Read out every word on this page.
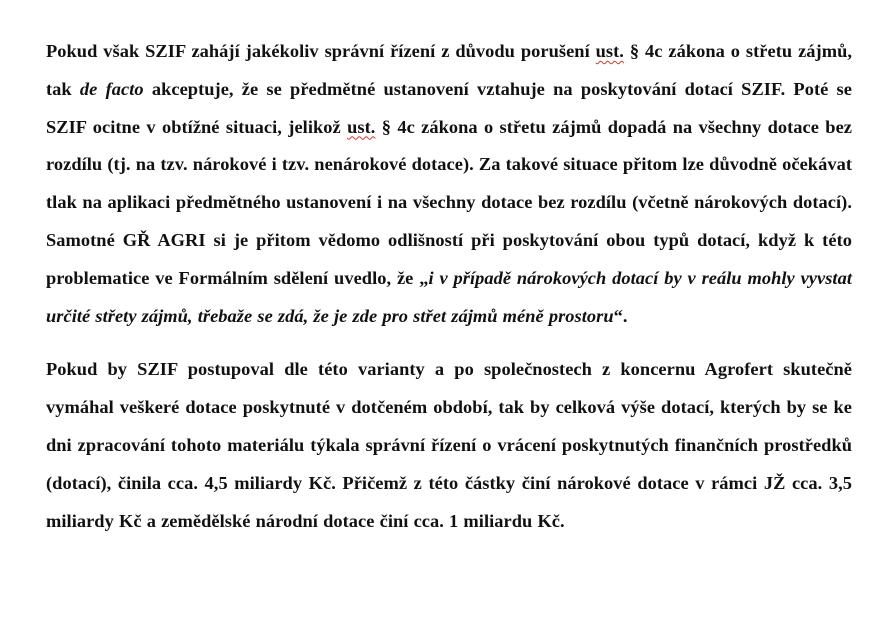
Pokud však SZIF zahájí jakékoliv správní řízení z důvodu porušení ust. § 4c zákona o střetu zájmů, tak de facto akceptuje, že se předmětné ustanovení vztahuje na poskytování dotací SZIF. Poté se SZIF ocitne v obtížné situaci, jelikož ust. § 4c zákona o střetu zájmů dopadá na všechny dotace bez rozdílu (tj. na tzv. nárokové i tzv. nenárokové dotace). Za takové situace přitom lze důvodně očekávat tlak na aplikaci předmětného ustanovení i na všechny dotace bez rozdílu (včetně nárokových dotací). Samotné GŘ AGRI si je přitom vědomo odlišností při poskytování obou typů dotací, když k této problematice ve Formálním sdělení uvedlo, že „i v případě nárokových dotací by v reálu mohly vyvstat určité střety zájmů, třebaže se zdá, že je zde pro střet zájmů méně prostoru“.

Pokud by SZIF postupoval dle této varianty a po společnostech z koncernu Agrofert skutečně vymáhal veškeré dotace poskytnuté v dotčeném období, tak by celková výše dotací, kterých by se ke dni zpracování tohoto materiálu týkala správní řízení o vrácení poskytnutých finančních prostředků (dotací), činila cca. 4,5 miliardy Kč. Přičemž z této částky činí nárokové dotace v rámci JŽ cca. 3,5 miliardy Kč a zemědělské národní dotace činí cca. 1 miliardu Kč.
